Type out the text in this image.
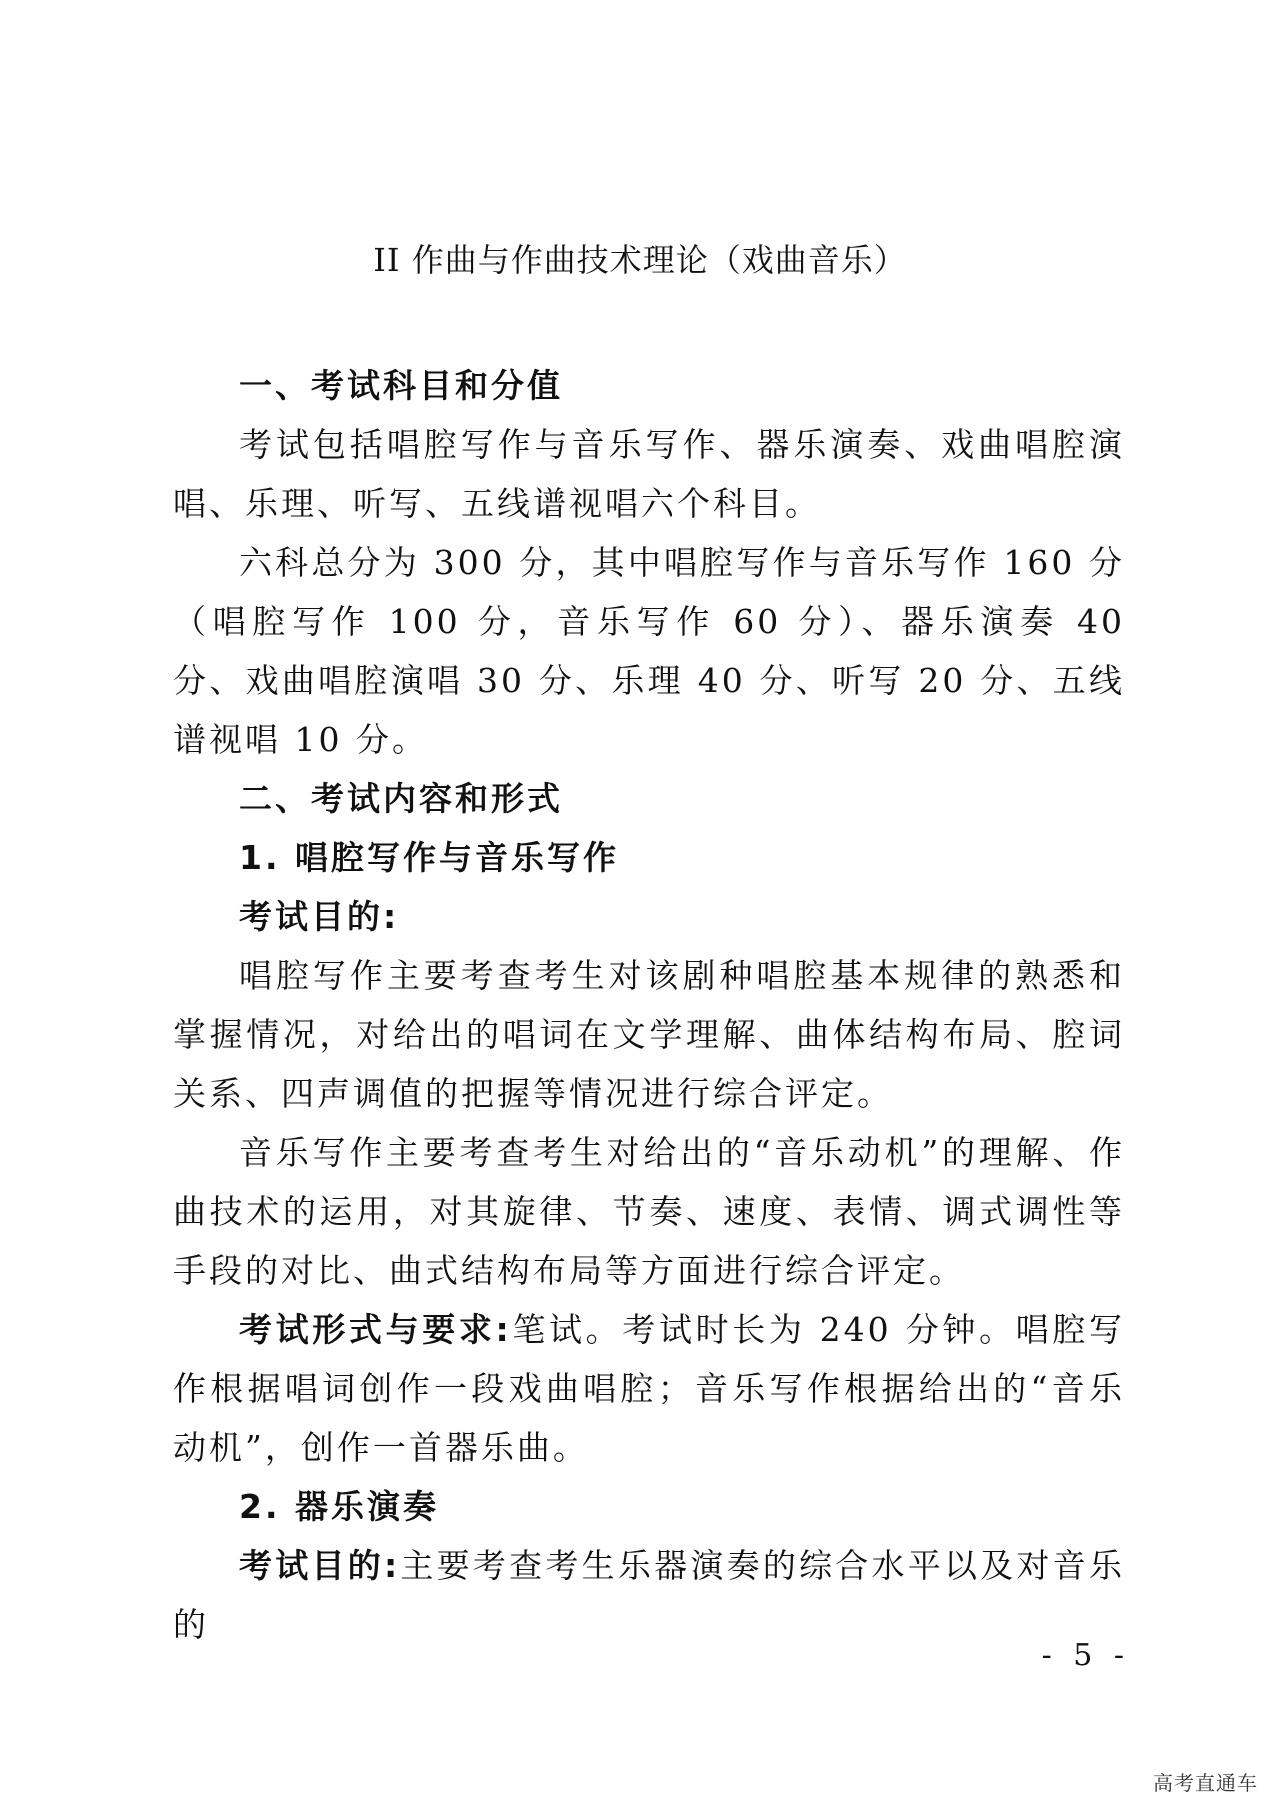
II 作曲与作曲技术理论（戏曲音乐）

一、考试科目和分值

考试包括唱腔写作与音乐写作、器乐演奏、戏曲唱腔演唱、乐理、听写、五线谱视唱六个科目。

六科总分为 300 分，其中唱腔写作与音乐写作 160 分（唱腔写作 100 分，音乐写作 60 分）、器乐演奏 40 分、戏曲唱腔演唱 30 分、乐理 40 分、听写 20 分、五线谱视唱 10 分。

二、考试内容和形式

1. 唱腔写作与音乐写作

考试目的:

唱腔写作主要考查考生对该剧种唱腔基本规律的熟悉和掌握情况，对给出的唱词在文学理解、曲体结构布局、腔词关系、四声调值的把握等情况进行综合评定。

音乐写作主要考查考生对给出的“音乐动机”的理解、作曲技术的运用，对其旋律、节奏、速度、表情、调式调性等手段的对比、曲式结构布局等方面进行综合评定。

考试形式与要求:笔试。考试时长为 240 分钟。唱腔写作根据唱词创作一段戏曲唱腔；音乐写作根据给出的“音乐动机”，创作一首器乐曲。

2. 器乐演奏

考试目的:主要考查考生乐器演奏的综合水平以及对音乐的

- 5 -
高考直通车
